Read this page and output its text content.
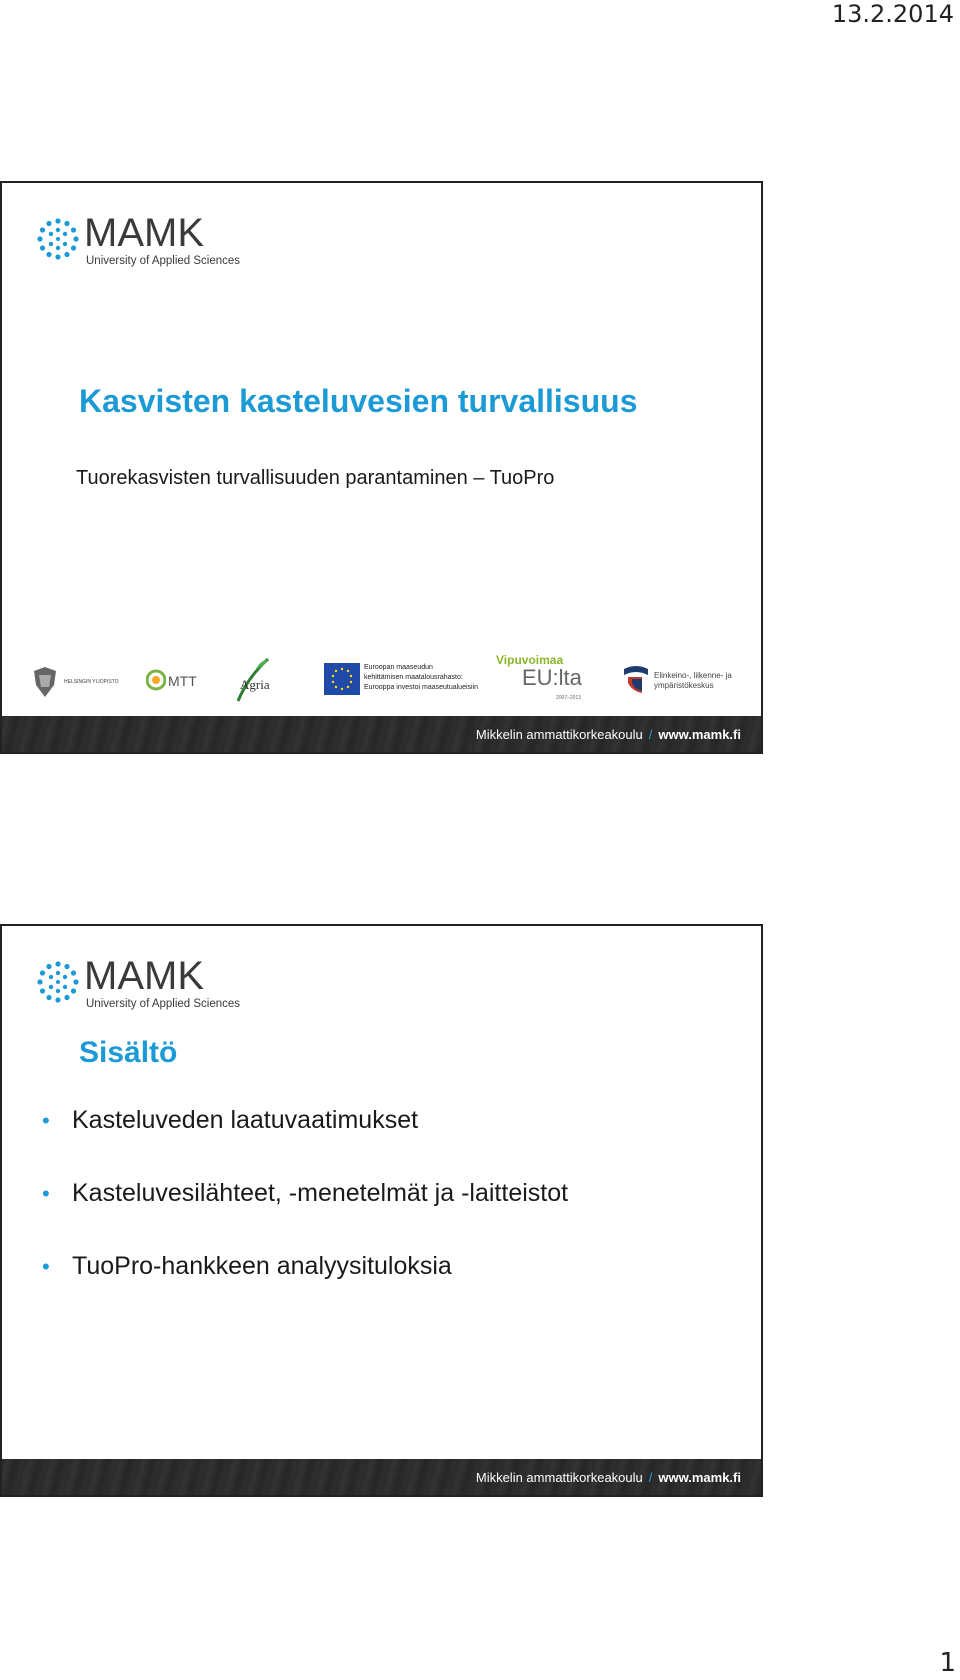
13.2.2014
MAMK
University of Applied Sciences
Kasvisten kasteluvesien turvallisuus
Tuorekasvisten turvallisuuden parantaminen – TuoPro
HELSINGIN YLIOPISTO	MTT	Agria
Euroopan maaseudun
kehittämisen maatalousrahasto:
Eurooppa investoi maaseutualueisiin
Vipuvoimaa
EU:lta
2007–2013
Elinkeino-, liikenne- ja
ympäristökeskus
Mikkelin ammattikorkeakoulu / www.mamk.fi
MAMK
University of Applied Sciences
Sisältö
• Kasteluveden laatuvaatimukset
• Kasteluvesilähteet, -menetelmät ja -laitteistot
• TuoPro-hankkeen analyysituloksia
Mikkelin ammattikorkeakoulu / www.mamk.fi
1
